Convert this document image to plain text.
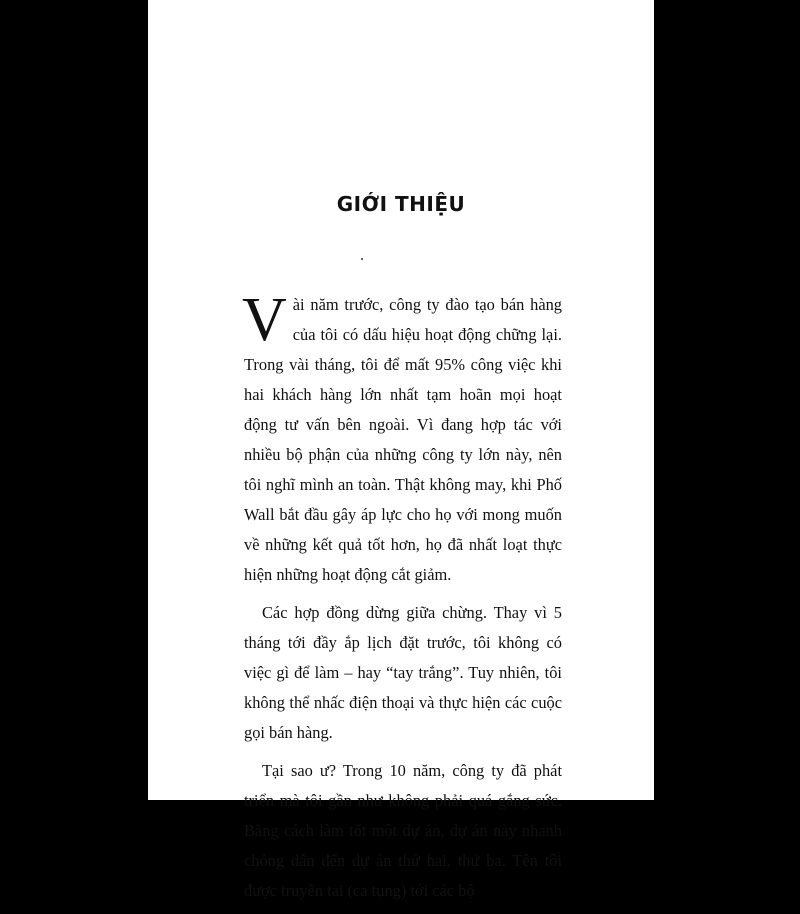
GIỚI THIỆU

Vài năm trước, công ty đào tạo bán hàng của tôi có dấu hiệu hoạt động chững lại. Trong vài tháng, tôi để mất 95% công việc khi hai khách hàng lớn nhất tạm hoãn mọi hoạt động tư vấn bên ngoài. Vì đang hợp tác với nhiều bộ phận của những công ty lớn này, nên tôi nghĩ mình an toàn. Thật không may, khi Phố Wall bắt đầu gây áp lực cho họ với mong muốn về những kết quả tốt hơn, họ đã nhất loạt thực hiện những hoạt động cắt giảm.

Các hợp đồng dừng giữa chừng. Thay vì 5 tháng tới đầy ắp lịch đặt trước, tôi không có việc gì để làm – hay “tay trắng”. Tuy nhiên, tôi không thể nhấc điện thoại và thực hiện các cuộc gọi bán hàng.

Tại sao ư? Trong 10 năm, công ty đã phát triển mà tôi gần như không phải quá gắng sức. Bằng cách làm tốt một dự án, dự án này nhanh chóng dẫn đến dự án thứ hai, thứ ba. Tên tôi được truyền tai (ca tụng) tới các bộ
